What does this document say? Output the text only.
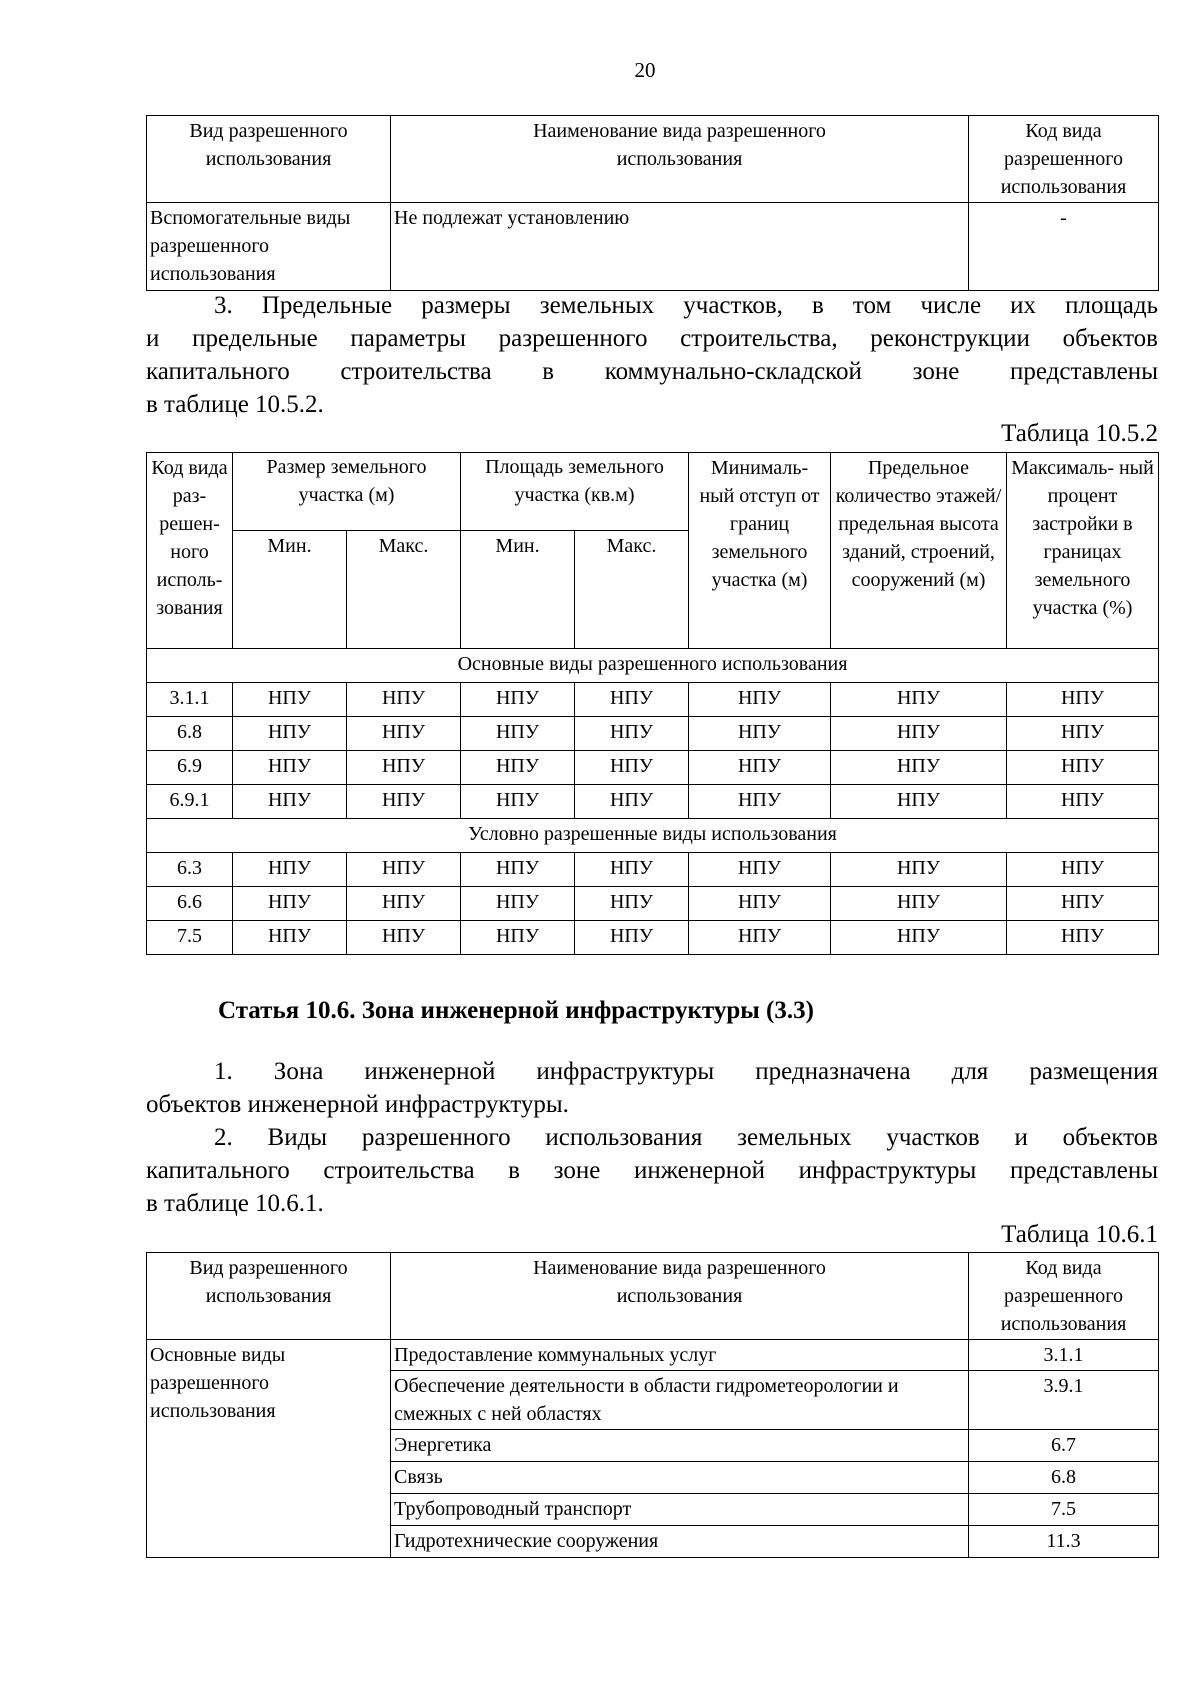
20
Вид разрешенного использования	Наименование вида разрешенного использования	Код вида разрешенного использования
Вспомогательные виды разрешенного использования	Не подлежат установлению	-
3. Предельные размеры земельных участков, в том числе их площадь
и предельные параметры разрешенного строительства, реконструкции объектов
капитального строительства в коммунально-складской зоне представлены
в таблице 10.5.2.
Таблица 10.5.2
Код вида раз- решен- ного исполь- зования	Размер земельного участка (м)		Площадь земельного участка (кв.м)		Минималь- ный отступ от границ земельного участка (м)	Предельное количество этажей/ предельная высота зданий, строений, сооружений (м)	Максималь- ный процент застройки в границах земельного участка (%)
	Мин.	Макс.	Мин.	Макс.			
Основные виды разрешенного использования							
3.1.1	НПУ	НПУ	НПУ	НПУ	НПУ	НПУ	НПУ
6.8	НПУ	НПУ	НПУ	НПУ	НПУ	НПУ	НПУ
6.9	НПУ	НПУ	НПУ	НПУ	НПУ	НПУ	НПУ
6.9.1	НПУ	НПУ	НПУ	НПУ	НПУ	НПУ	НПУ
Условно разрешенные виды использования							
6.3	НПУ	НПУ	НПУ	НПУ	НПУ	НПУ	НПУ
6.6	НПУ	НПУ	НПУ	НПУ	НПУ	НПУ	НПУ
7.5	НПУ	НПУ	НПУ	НПУ	НПУ	НПУ	НПУ
Статья 10.6. Зона инженерной инфраструктуры (3.3)
1. Зона инженерной инфраструктуры предназначена для размещения
объектов инженерной инфраструктуры.
2. Виды разрешенного использования земельных участков и объектов
капитального строительства в зоне инженерной инфраструктуры представлены
в таблице 10.6.1.
Таблица 10.6.1
Вид разрешенного использования	Наименование вида разрешенного использования	Код вида разрешенного использования
Основные виды разрешенного использования	Предоставление коммунальных услуг	3.1.1
	Обеспечение деятельности в области гидрометеорологии и смежных с ней областях	3.9.1
	Энергетика	6.7
	Связь	6.8
	Трубопроводный транспорт	7.5
	Гидротехнические сооружения	11.3
